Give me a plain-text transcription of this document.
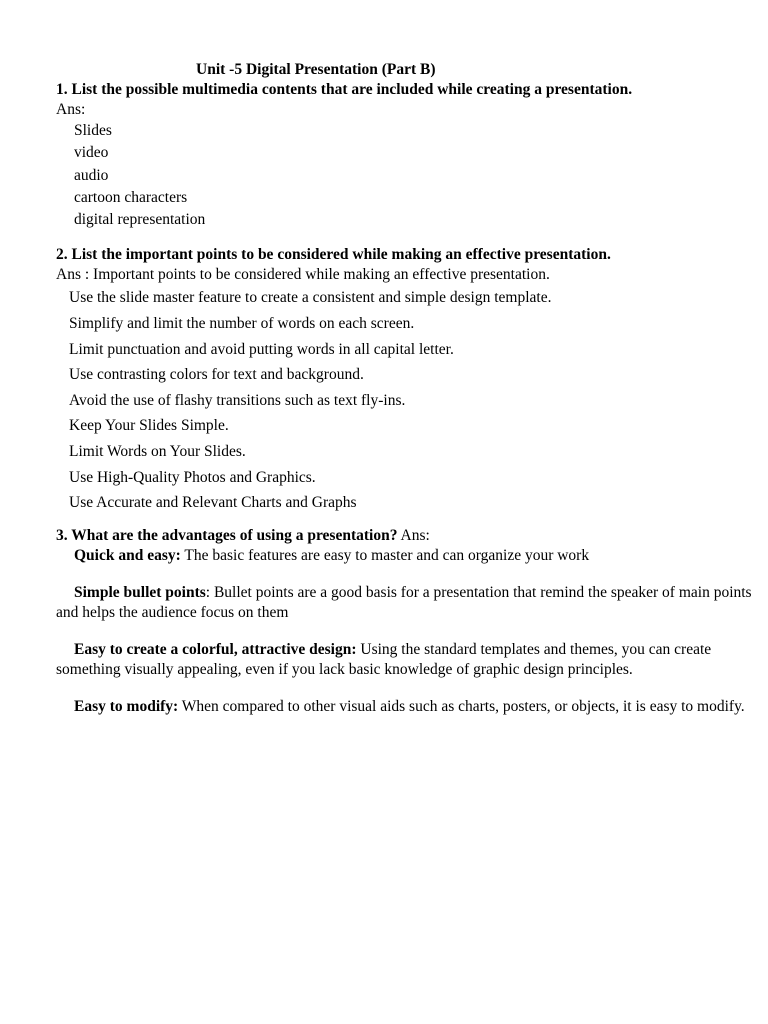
Unit -5 Digital Presentation (Part B)
1. List the possible multimedia contents that are included while creating a presentation.
Ans:
Slides
video
audio
cartoon characters
digital representation
2. List the important points to be considered while making an effective presentation.
Ans : Important points to be considered while making an effective presentation.
Use the slide master feature to create a consistent and simple design template.
Simplify and limit the number of words on each screen.
Limit punctuation and avoid putting words in all capital letter.
Use contrasting colors for text and background.
Avoid the use of flashy transitions such as text fly-ins.
Keep Your Slides Simple.
Limit Words on Your Slides.
Use High-Quality Photos and Graphics.
Use Accurate and Relevant Charts and Graphs
3. What are the advantages of using a presentation? Ans:

Quick and easy: The basic features are easy to master and can organize your work

Simple bullet points: Bullet points are a good basis for a presentation that remind the speaker of main points and helps the audience focus on them

Easy to create a colorful, attractive design: Using the standard templates and themes, you can create something visually appealing, even if you lack basic knowledge of graphic design principles.

Easy to modify: When compared to other visual aids such as charts, posters, or objects, it is easy to modify.
